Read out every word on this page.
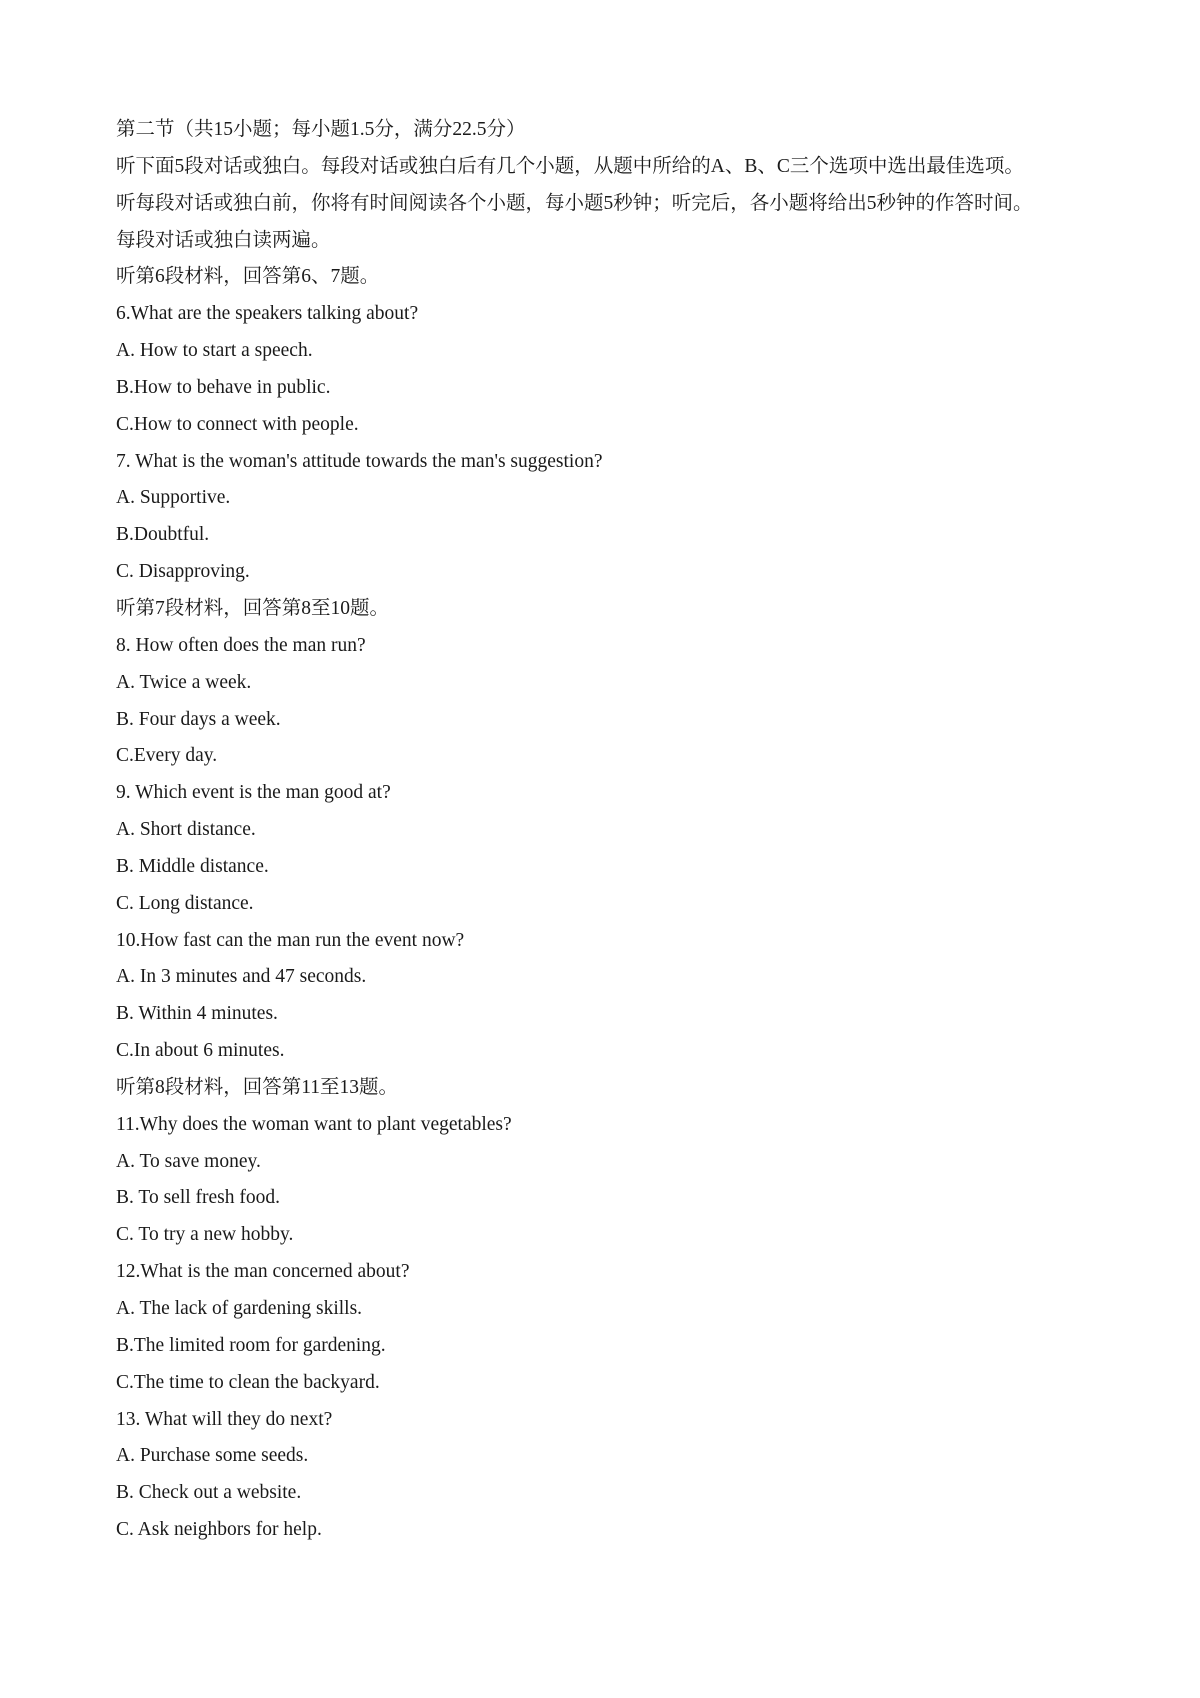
第二节（共15小题；每小题1.5分，满分22.5分）
听下面5段对话或独白。每段对话或独白后有几个小题，从题中所给的A、B、C三个选项中选出最佳选项。
听每段对话或独白前，你将有时间阅读各个小题，每小题5秒钟；听完后，各小题将给出5秒钟的作答时间。
每段对话或独白读两遍。
听第6段材料，回答第6、7题。
6.What are the speakers talking about?
A. How to start a speech.
B.How to behave in public.
C.How to connect with people.
7. What is the woman's attitude towards the man's suggestion?
A. Supportive.
B.Doubtful.
C. Disapproving.
听第7段材料，回答第8至10题。
8. How often does the man run?
A. Twice a week.
B. Four days a week.
C.Every day.
9. Which event is the man good at?
A. Short distance.
B. Middle distance.
C. Long distance.
10.How fast can the man run the event now?
A. In 3 minutes and 47 seconds.
B. Within 4 minutes.
C.In about 6 minutes.
听第8段材料，回答第11至13题。
11.Why does the woman want to plant vegetables?
A. To save money.
B. To sell fresh food.
C. To try a new hobby.
12.What is the man concerned about?
A. The lack of gardening skills.
B.The limited room for gardening.
C.The time to clean the backyard.
13. What will they do next?
A. Purchase some seeds.
B. Check out a website.
C. Ask neighbors for help.
